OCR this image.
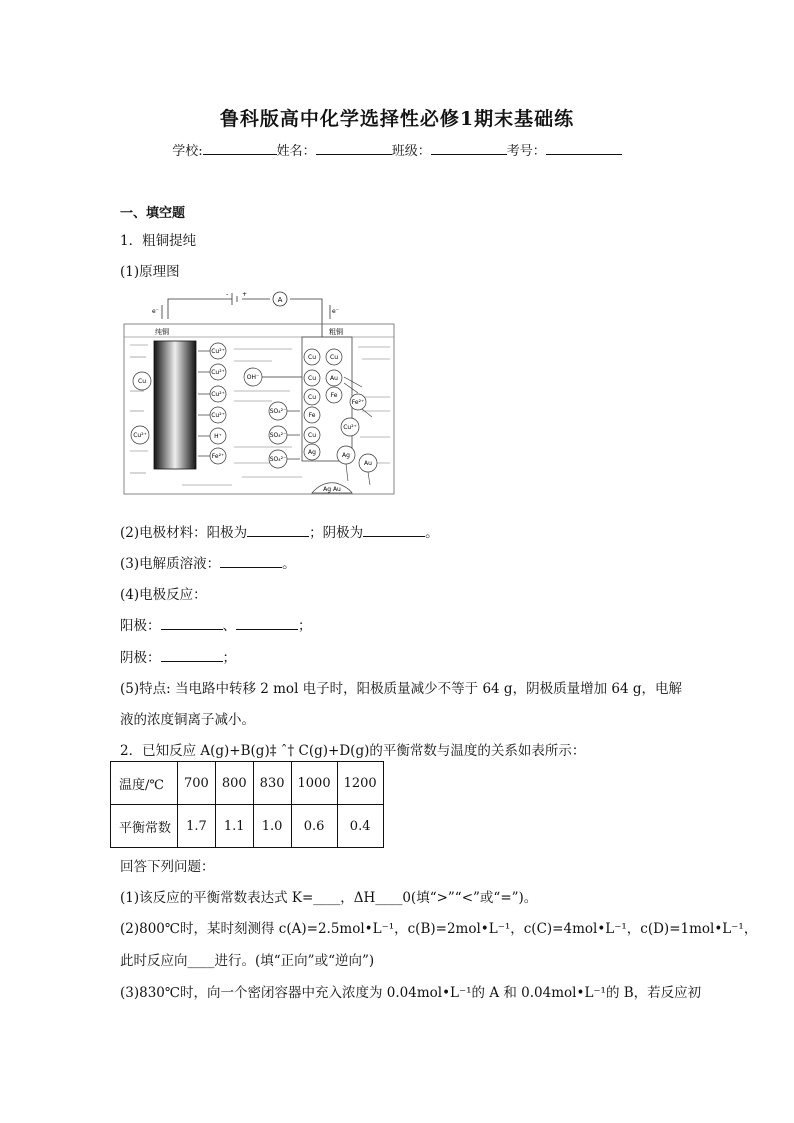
鲁科版高中化学选择性必修1期末基础练
学校:	姓名：	班级：	考号：
一、填空题
1．粗铜提纯
(1)原理图
A
- +
e⁻	e⁻
纯铜	粗铜
Cu
Cu²⁺
Cu²⁺
Cu²⁺
Cu²⁺
Cu²⁺
H⁺
Fe²⁺
OH⁻
SO₄²⁻
SO₄²⁻
SO₄²⁻
Cu Cu
Cu Au
Cu Fe
Fe
Cu
Ag
Fe²⁺
Cu²⁺
Ag
Au
Ag Au
(2)电极材料：阳极为	；阴极为	。
(3)电解质溶液：	。
(4)电极反应：
阳极：	、	；
阴极：	；
(5)特点: 当电路中转移 2 mol 电子时，阳极质量减少不等于 64 g，阴极质量增加 64 g，电解
液的浓度铜离子减小。
2．已知反应 A(g)+B(g)‡ ˆ† C(g)+D(g)的平衡常数与温度的关系如表所示：
温度/℃	700	800	830	1000	1200
平衡常数	1.7	1.1	1.0	0.6	0.4
回答下列问题：
(1)该反应的平衡常数表达式 K=____，ΔH____0(填“>”“<”或“=”)。
(2)800℃时，某时刻测得 c(A)=2.5mol•L⁻¹，c(B)=2mol•L⁻¹，c(C)=4mol•L⁻¹，c(D)=1mol•L⁻¹，
此时反应向____进行。(填“正向”或“逆向”)
(3)830℃时，向一个密闭容器中充入浓度为 0.04mol•L⁻¹的 A 和 0.04mol•L⁻¹的 B，若反应初
